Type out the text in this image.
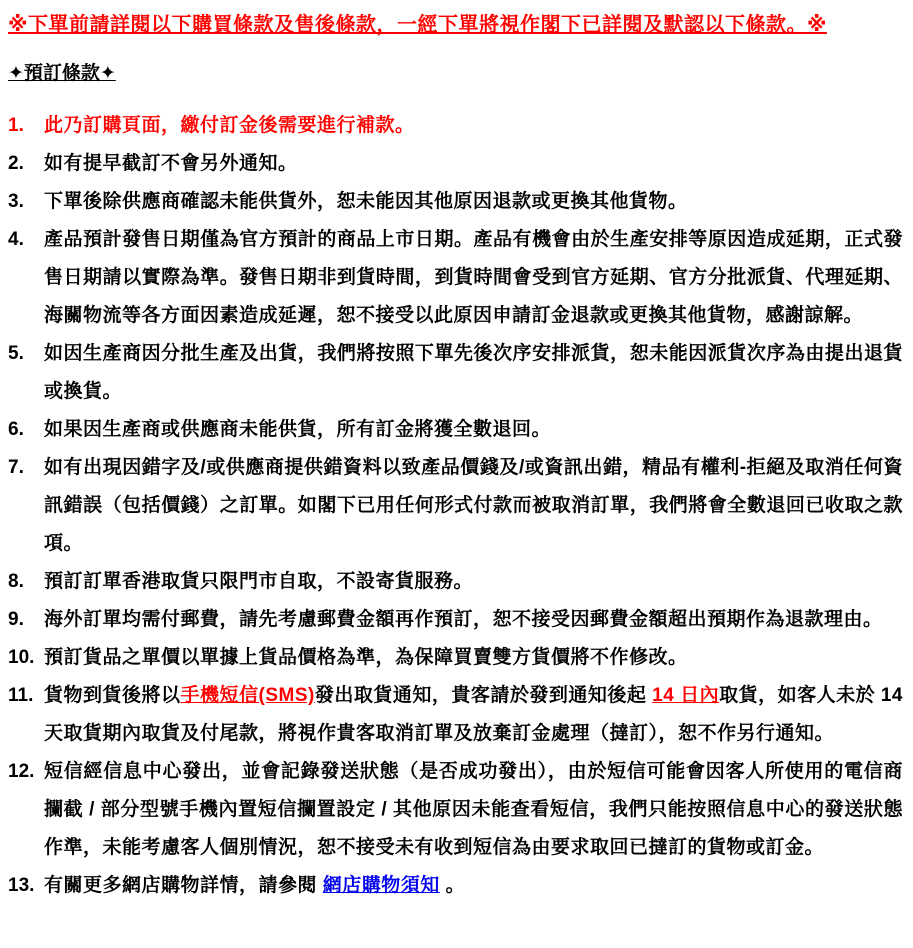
※下單前請詳閱以下購買條款及售後條款，一經下單將視作閣下已詳閱及默認以下條款。※
✦預訂條款✦
1.	此乃訂購頁面，繳付訂金後需要進行補款。
2.	如有提早截訂不會另外通知。
3.	下單後除供應商確認未能供貨外，恕未能因其他原因退款或更換其他貨物。
4.	產品預計發售日期僅為官方預計的商品上市日期。產品有機會由於生產安排等原因造成延期，正式發售日期請以實際為準。發售日期非到貨時間，到貨時間會受到官方延期、官方分批派貨、代理延期、海關物流等各方面因素造成延遲，恕不接受以此原因申請訂金退款或更換其他貨物，感謝諒解。
5.	如因生產商因分批生產及出貨，我們將按照下單先後次序安排派貨，恕未能因派貨次序為由提出退貨或換貨。
6.	如果因生產商或供應商未能供貨，所有訂金將獲全數退回。
7.	如有出現因錯字及/或供應商提供錯資料以致產品價錢及/或資訊出錯，精品有權利-拒絕及取消任何資訊錯誤（包括價錢）之訂單。如閣下已用任何形式付款而被取消訂單，我們將會全數退回已收取之款項。
8.	預訂訂單香港取貨只限門市自取，不設寄貨服務。
9.	海外訂單均需付郵費，請先考慮郵費金額再作預訂，恕不接受因郵費金額超出預期作為退款理由。
10. 預訂貨品之單價以單據上貨品價格為準，為保障買賣雙方貨價將不作修改。
11. 貨物到貨後將以手機短信(SMS)發出取貨通知，貴客請於發到通知後起 14 日內取貨，如客人未於 14 天取貨期內取貨及付尾款，將視作貴客取消訂單及放棄訂金處理（撻訂），恕不作另行通知。
12. 短信經信息中心發出，並會記錄發送狀態（是否成功發出），由於短信可能會因客人所使用的電信商攔截 / 部分型號手機內置短信攔置設定 / 其他原因未能查看短信，我們只能按照信息中心的發送狀態作準，未能考慮客人個別情況，恕不接受未有收到短信為由要求取回已撻訂的貨物或訂金。
13. 有關更多網店購物詳情，請參閱 網店購物須知 。
